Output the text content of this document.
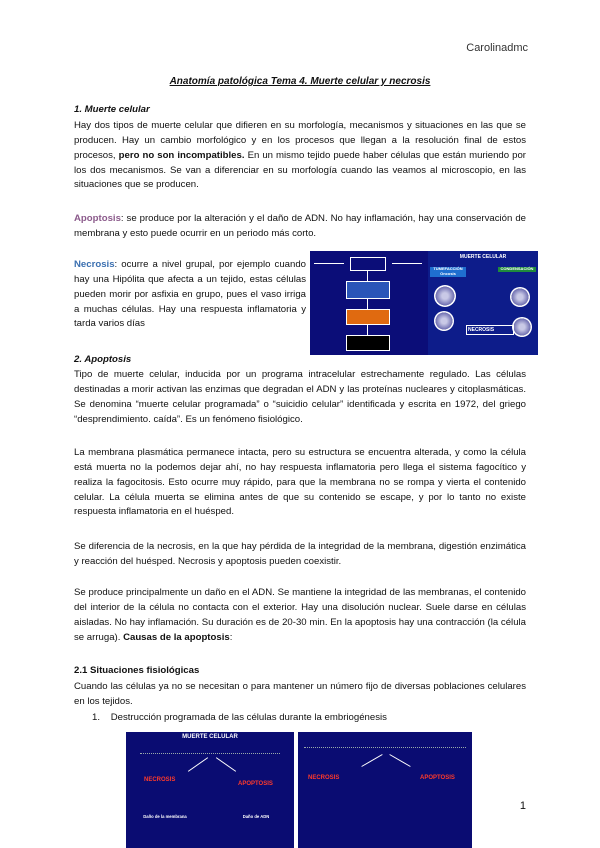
Carolinadmc
Anatomía patológica Tema 4. Muerte celular y necrosis
1. Muerte celular
Hay dos tipos de muerte celular que difieren en su morfología, mecanismos y situaciones en las que se producen. Hay un cambio morfológico y en los procesos que llegan a la resolución final de estos procesos, pero no son incompatibles. En un mismo tejido puede haber células que están muriendo por los dos mecanismos. Se van a diferenciar en su morfología cuando las veamos al microscopio, en las situaciones que se producen.
Apoptosis: se produce por la alteración y el daño de ADN. No hay inflamación, hay una conservación de membrana y esto puede ocurrir en un periodo más corto.
Necrosis: ocurre a nivel grupal, por ejemplo cuando hay una Hipólita que afecta a un tejido, estas células pueden morir por asfixia en grupo, pues el vaso irriga a muchas células. Hay una respuesta inflamatoria y tarda varios días
MUERTE CELULAR
TUMEFACCIÓN Oncosis
CONDENSACIÓN
NECROSIS
2. Apoptosis
Tipo de muerte celular, inducida por un programa intracelular estrechamente regulado. Las células destinadas a morir activan las enzimas que degradan el ADN y las proteínas nucleares y citoplasmáticas. Se denomina “muerte celular programada” o “suicidio celular” identificada y escrita en 1972, del griego “desprendimiento. caída”. Es un fenómeno fisiológico.
La membrana plasmática permanece intacta, pero su estructura se encuentra alterada, y como la célula está muerta no la podemos dejar ahí, no hay respuesta inflamatoria pero llega el sistema fagocítico y realiza la fagocitosis. Esto ocurre muy rápido, para que la membrana no se rompa y vierta el contenido celular. La célula muerta se elimina antes de que su contenido se escape, y por lo tanto no existe respuesta inflamatoria en el huésped.
Se diferencia de la necrosis, en la que hay pérdida de la integridad de la membrana, digestión enzimática y reacción del huésped. Necrosis y apoptosis pueden coexistir.
Se produce principalmente un daño en el ADN. Se mantiene la integridad de las membranas, el contenido del interior de la célula no contacta con el exterior. Hay una disolución nuclear. Suele darse en células aisladas. No hay inflamación. Su duración es de 20-30 min. En la apoptosis hay una contracción (la célula se arruga). Causas de la apoptosis:
2.1 Situaciones fisiológicas
Cuando las células ya no se necesitan o para mantener un número fijo de diversas poblaciones celulares en los tejidos.
1. Destrucción programada de las células durante la embriogénesis
MUERTE CELULAR
NECROSIS
APOPTOSIS
Daño de la membrana	Daño de ADN
NECROSIS	APOPTOSIS
1
